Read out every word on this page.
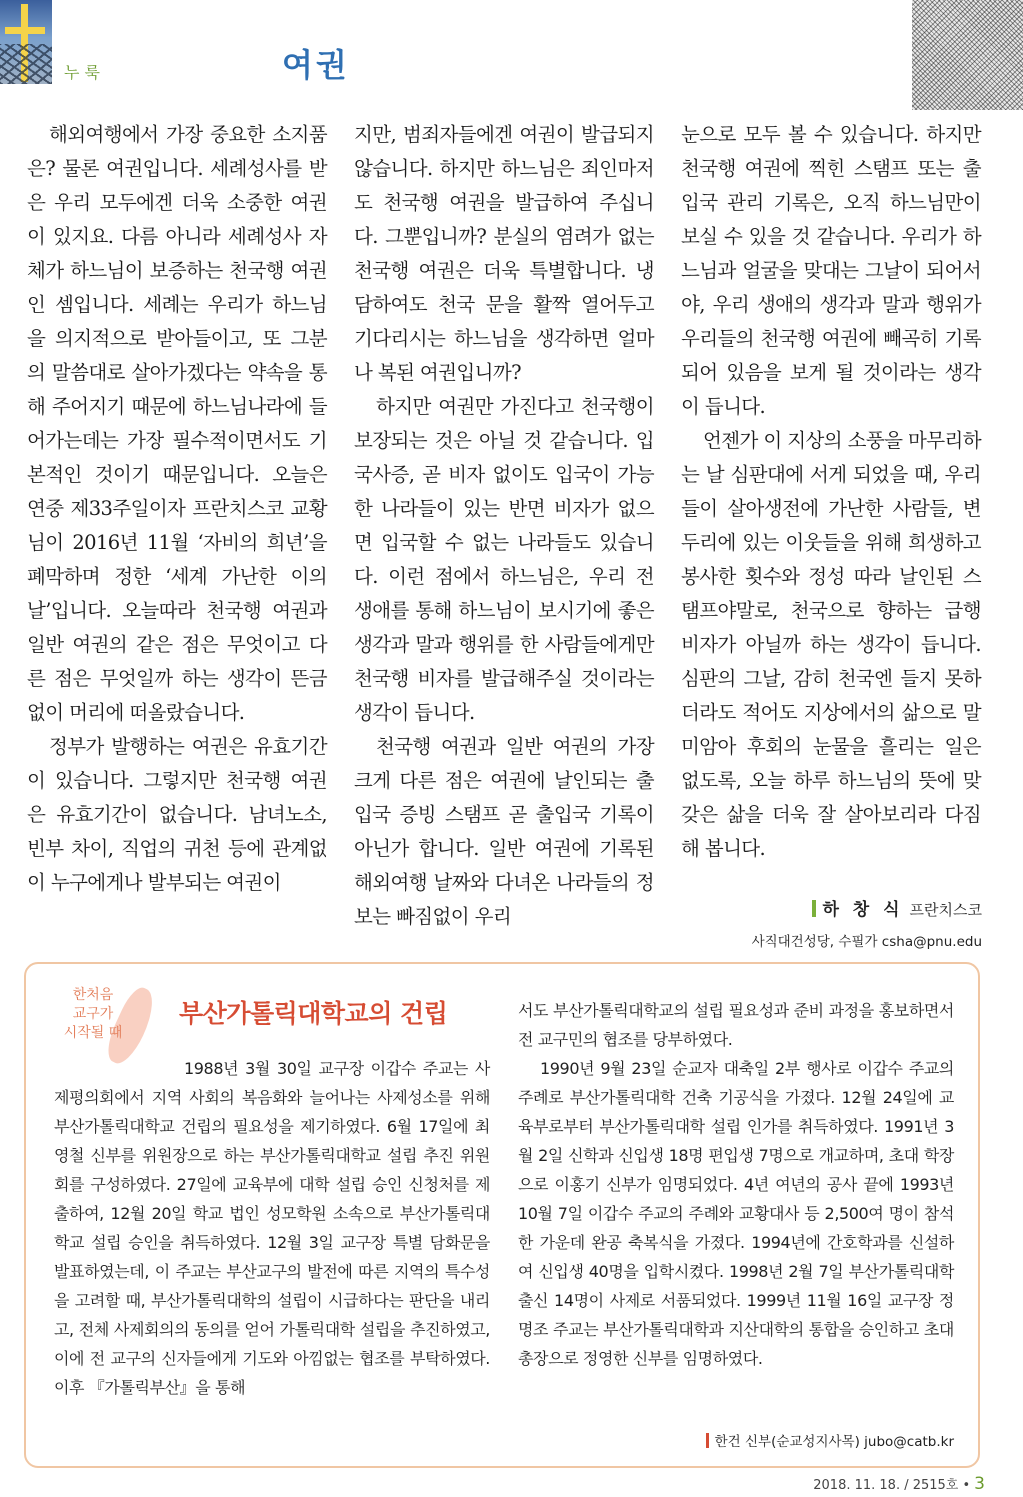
누룩	여권

해외여행에서 가장 중요한 소지품은? 물론 여권입니다. 세례성사를 받은 우리 모두에겐 더욱 소중한 여권이 있지요. 다름 아니라 세례성사 자체가 하느님이 보증하는 천국행 여권인 셈입니다. 세례는 우리가 하느님을 의지적으로 받아들이고, 또 그분의 말씀대로 살아가겠다는 약속을 통해 주어지기 때문에 하느님나라에 들어가는데는 가장 필수적이면서도 기본적인 것이기 때문입니다. 오늘은 연중 제33주일이자 프란치스코 교황님이 2016년 11월 ‘자비의 희년’을 폐막하며 정한 ‘세계 가난한 이의 날’입니다. 오늘따라 천국행 여권과 일반 여권의 같은 점은 무엇이고 다른 점은 무엇일까 하는 생각이 뜬금없이 머리에 떠올랐습니다.

정부가 발행하는 여권은 유효기간이 있습니다. 그렇지만 천국행 여권은 유효기간이 없습니다. 남녀노소, 빈부 차이, 직업의 귀천 등에 관계없이 누구에게나 발부되는 여권이

지만, 범죄자들에겐 여권이 발급되지 않습니다. 하지만 하느님은 죄인마저도 천국행 여권을 발급하여 주십니다. 그뿐입니까? 분실의 염려가 없는 천국행 여권은 더욱 특별합니다. 냉담하여도 천국 문을 활짝 열어두고 기다리시는 하느님을 생각하면 얼마나 복된 여권입니까?

하지만 여권만 가진다고 천국행이 보장되는 것은 아닐 것 같습니다. 입국사증, 곧 비자 없이도 입국이 가능한 나라들이 있는 반면 비자가 없으면 입국할 수 없는 나라들도 있습니다. 이런 점에서 하느님은, 우리 전 생애를 통해 하느님이 보시기에 좋은 생각과 말과 행위를 한 사람들에게만 천국행 비자를 발급해주실 것이라는 생각이 듭니다.

천국행 여권과 일반 여권의 가장 크게 다른 점은 여권에 날인되는 출입국 증빙 스탬프 곧 출입국 기록이 아닌가 합니다. 일반 여권에 기록된 해외여행 날짜와 다녀온 나라들의 정보는 빠짐없이 우리

눈으로 모두 볼 수 있습니다. 하지만 천국행 여권에 찍힌 스탬프 또는 출입국 관리 기록은, 오직 하느님만이 보실 수 있을 것 같습니다. 우리가 하느님과 얼굴을 맞대는 그날이 되어서야, 우리 생애의 생각과 말과 행위가 우리들의 천국행 여권에 빼곡히 기록되어 있음을 보게 될 것이라는 생각이 듭니다.

언젠가 이 지상의 소풍을 마무리하는 날 심판대에 서게 되었을 때, 우리들이 살아생전에 가난한 사람들, 변두리에 있는 이웃들을 위해 희생하고 봉사한 횟수와 정성 따라 날인된 스탬프야말로, 천국으로 향하는 급행 비자가 아닐까 하는 생각이 듭니다. 심판의 그날, 감히 천국엔 들지 못하더라도 적어도 지상에서의 삶으로 말미암아 후회의 눈물을 흘리는 일은 없도록, 오늘 하루 하느님의 뜻에 맞갖은 삶을 더욱 잘 살아보리라 다짐해 봅니다.

하 창 식 프란치스코
사직대건성당, 수필가 csha@pnu.edu
한처음
교구가
시작될 때
부산가톨릭대학교의 건립

1988년 3월 30일 교구장 이갑수 주교는 사제평의회에서 지역 사회의 복음화와 늘어나는 사제성소를 위해 부산가톨릭대학교 건립의 필요성을 제기하였다. 6월 17일에 최영철 신부를 위원장으로 하는 부산가톨릭대학교 설립 추진 위원회를 구성하였다. 27일에 교육부에 대학 설립 승인 신청처를 제출하여, 12월 20일 학교 법인 성모학원 소속으로 부산가톨릭대학교 설립 승인을 취득하였다. 12월 3일 교구장 특별 담화문을 발표하였는데, 이 주교는 부산교구의 발전에 따른 지역의 특수성을 고려할 때, 부산가톨릭대학의 설립이 시급하다는 판단을 내리고, 전체 사제회의의 동의를 얻어 가톨릭대학 설립을 추진하였고, 이에 전 교구의 신자들에게 기도와 아낌없는 협조를 부탁하였다. 이후 『가톨릭부산』을 통해

서도 부산가톨릭대학교의 설립 필요성과 준비 과정을 홍보하면서 전 교구민의 협조를 당부하였다.

1990년 9월 23일 순교자 대축일 2부 행사로 이갑수 주교의 주례로 부산가톨릭대학 건축 기공식을 가졌다. 12월 24일에 교육부로부터 부산가톨릭대학 설립 인가를 취득하였다. 1991년 3월 2일 신학과 신입생 18명 편입생 7명으로 개교하며, 초대 학장으로 이홍기 신부가 임명되었다. 4년 여년의 공사 끝에 1993년 10월 7일 이갑수 주교의 주례와 교황대사 등 2,500여 명이 참석한 가운데 완공 축복식을 가졌다. 1994년에 간호학과를 신설하여 신입생 40명을 입학시켰다. 1998년 2월 7일 부산가톨릭대학 출신 14명이 사제로 서품되었다. 1999년 11월 16일 교구장 정명조 주교는 부산가톨릭대학과 지산대학의 통합을 승인하고 초대 총장으로 정영한 신부를 임명하였다.

한건 신부(순교성지사목) jubo@catb.kr
2018. 11. 18. / 2515호 • 3
